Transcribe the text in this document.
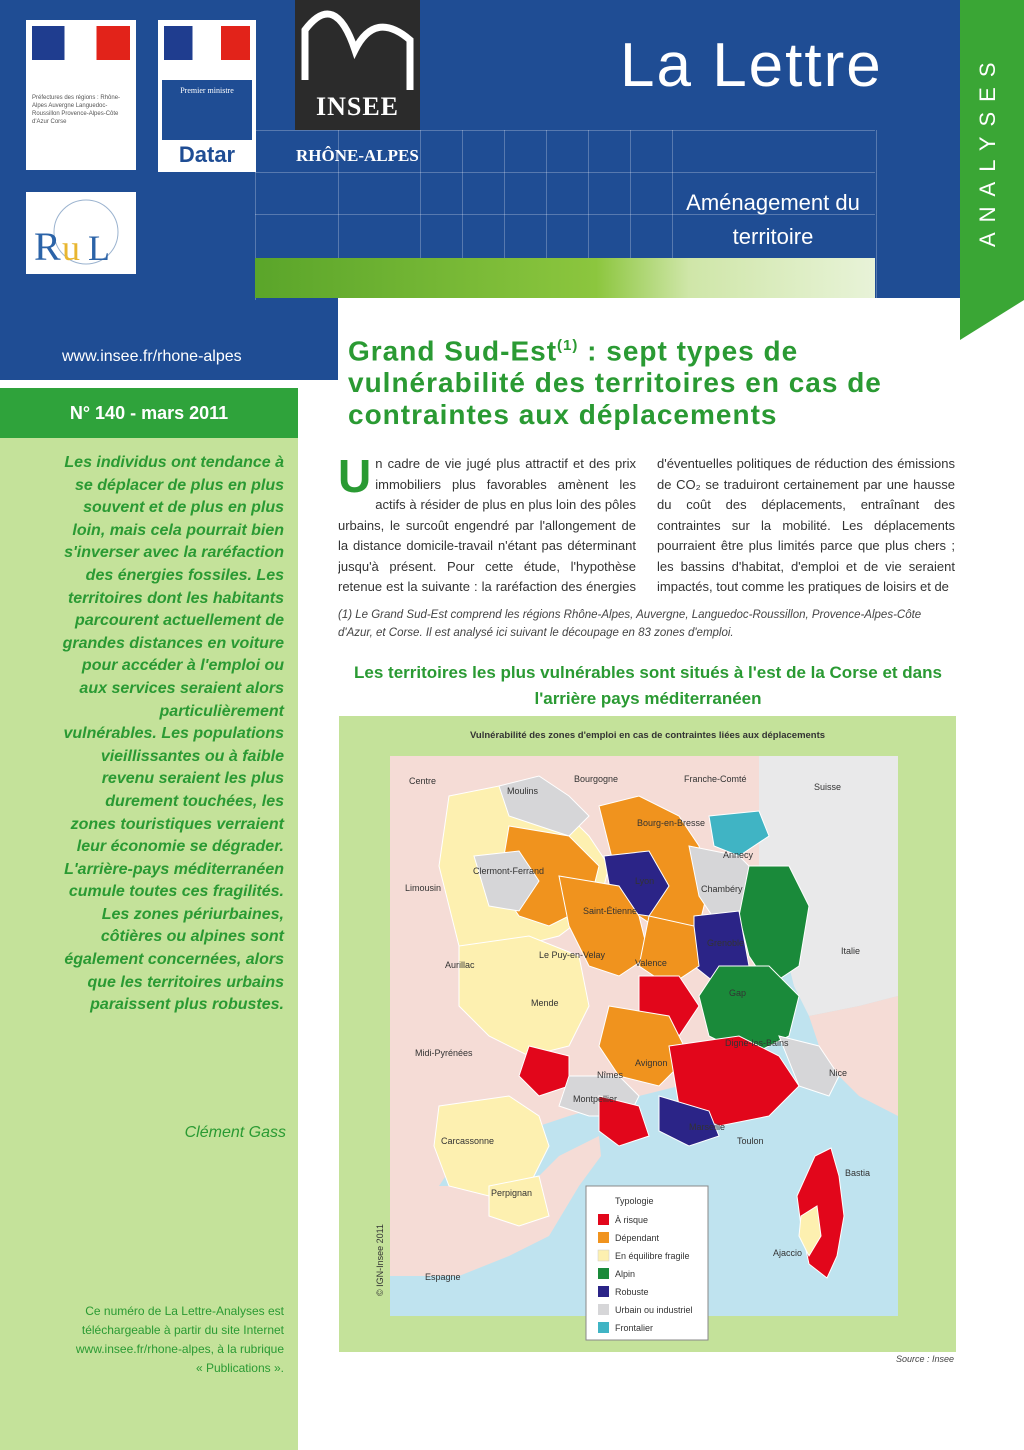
Préfectures des régions : Rhône-Alpes Auvergne Languedoc-Roussillon Provence-Alpes-Côte d'Azur Corse
Premier ministre
Datar
R u L
INSEE
RHÔNE-ALPES
La Lettre
Aménagement du
territoire
www.insee.fr/rhone-alpes
ANALYSES
N° 140 - mars 2011
Les individus ont tendance à se déplacer de plus en plus souvent et de plus en plus loin, mais cela pourrait bien s'inverser avec la raréfaction des énergies fossiles. Les territoires dont les habitants parcourent actuellement de grandes distances en voiture pour accéder à l'emploi ou aux services seraient alors particulièrement vulnérables. Les populations vieillissantes ou à faible revenu seraient les plus durement touchées, les zones touristiques verraient leur économie se dégrader. L'arrière-pays méditerranéen cumule toutes ces fragilités. Les zones périurbaines, côtières ou alpines sont également concernées, alors que les territoires urbains paraissent plus robustes.
Clément Gass
Ce numéro de La Lettre-Analyses est téléchargeable à partir du site Internet www.insee.fr/rhone-alpes, à la rubrique « Publications ».
Grand Sud-Est$^{(1)}$ : sept types de vulnérabilité des territoires en cas de contraintes aux déplacements
Un cadre de vie jugé plus attractif et des prix immobiliers plus favorables amènent les actifs à résider de plus en plus loin des pôles urbains, le surcoût engendré par l'allongement de la distance domicile-travail n'étant pas déterminant jusqu'à présent. Pour cette étude, l'hypothèse retenue est la suivante : la raréfaction des énergies
d'éventuelles politiques de réduction des émissions de CO₂ se traduiront certainement par une hausse du coût des déplacements, entraînant des contraintes sur la mobilité. Les déplacements pourraient être plus limités parce que plus chers ; les bassins d'habitat, d'emploi et de vie seraient impactés, tout comme les pratiques de loisirs et de
(1) Le Grand Sud-Est comprend les régions Rhône-Alpes, Auvergne, Languedoc-Roussillon, Provence-Alpes-Côte d'Azur, et Corse. Il est analysé ici suivant le découpage en 83 zones d'emploi.
Les territoires les plus vulnérables sont situés à l'est de la Corse et dans l'arrière pays méditerranéen
Vulnérabilité des zones d'emploi en cas de contraintes liées aux déplacements
Centre	Bourgogne	Franche-Comté
Suisse
Limousin
Italie
Midi-Pyrénées
Espagne
Moulins
Bourg-en-Bresse
Annecy
Clermont-Ferrand
Lyon
Chambéry
Saint-Étienne
Grenoble
Aurillac
Le Puy-en-Velay
Valence
Gap
Mende
Digne-les-Bains
Avignon
Nice
Nîmes
Montpellier
Marseille
Toulon
Carcassonne
Perpignan
Bastia
Ajaccio
© IGN-Insee 2011
Typologie
À risque
Dépendant
En équilibre fragile
Alpin
Robuste
Urbain ou industriel
Frontalier
Source : Insee
